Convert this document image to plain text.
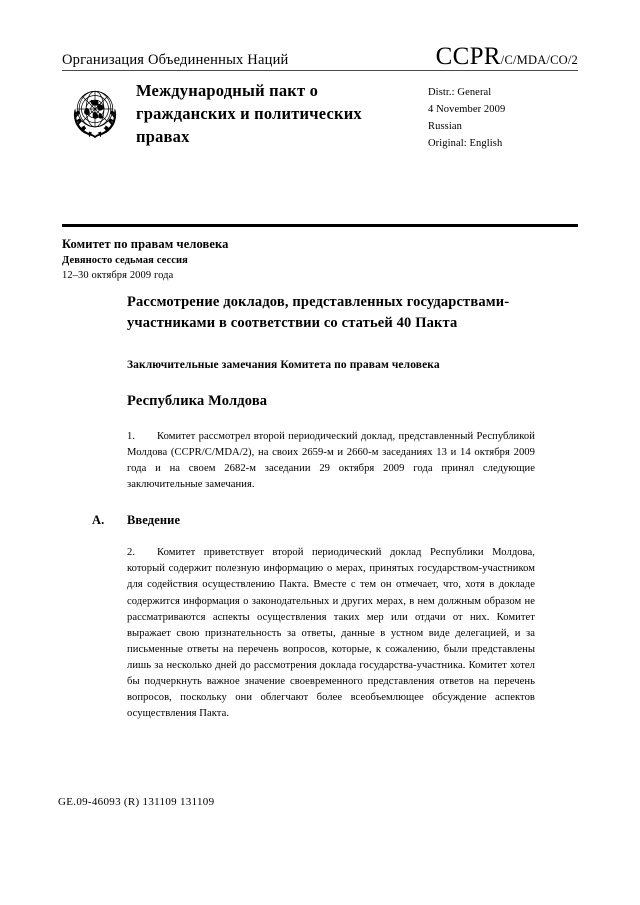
Организация Объединенных Наций	CCPR/C/MDA/CO/2
Международный пакт о гражданских и политических правах
Distr.: General
4 November 2009
Russian
Original: English
Комитет по правам человека
Девяносто седьмая сессия
12–30 октября 2009 года
Рассмотрение докладов, представленных государствами-участниками в соответствии со статьей 40 Пакта
Заключительные замечания Комитета по правам человека
Республика Молдова

1. Комитет рассмотрел второй периодический доклад, представленный Республикой Молдова (CCPR/C/MDA/2), на своих 2659-м и 2660-м заседаниях 13 и 14 октября 2009 года и на своем 2682-м заседании 29 октября 2009 года принял следующие заключительные замечания.

A. Введение

2. Комитет приветствует второй периодический доклад Республики Молдова, который содержит полезную информацию о мерах, принятых государством-участником для содействия осуществлению Пакта. Вместе с тем он отмечает, что, хотя в докладе содержится информация о законодательных и других мерах, в нем должным образом не рассматриваются аспекты осуществления таких мер или отдачи от них. Комитет выражает свою признательность за ответы, данные в устном виде делегацией, и за письменные ответы на перечень вопросов, которые, к сожалению, были представлены лишь за несколько дней до рассмотрения доклада государства-участника. Комитет хотел бы подчеркнуть важное значение своевременного представления ответов на перечень вопросов, поскольку они облегчают более всеобъемлющее обсуждение аспектов осуществления Пакта.

GE.09-46093 (R) 131109 131109
